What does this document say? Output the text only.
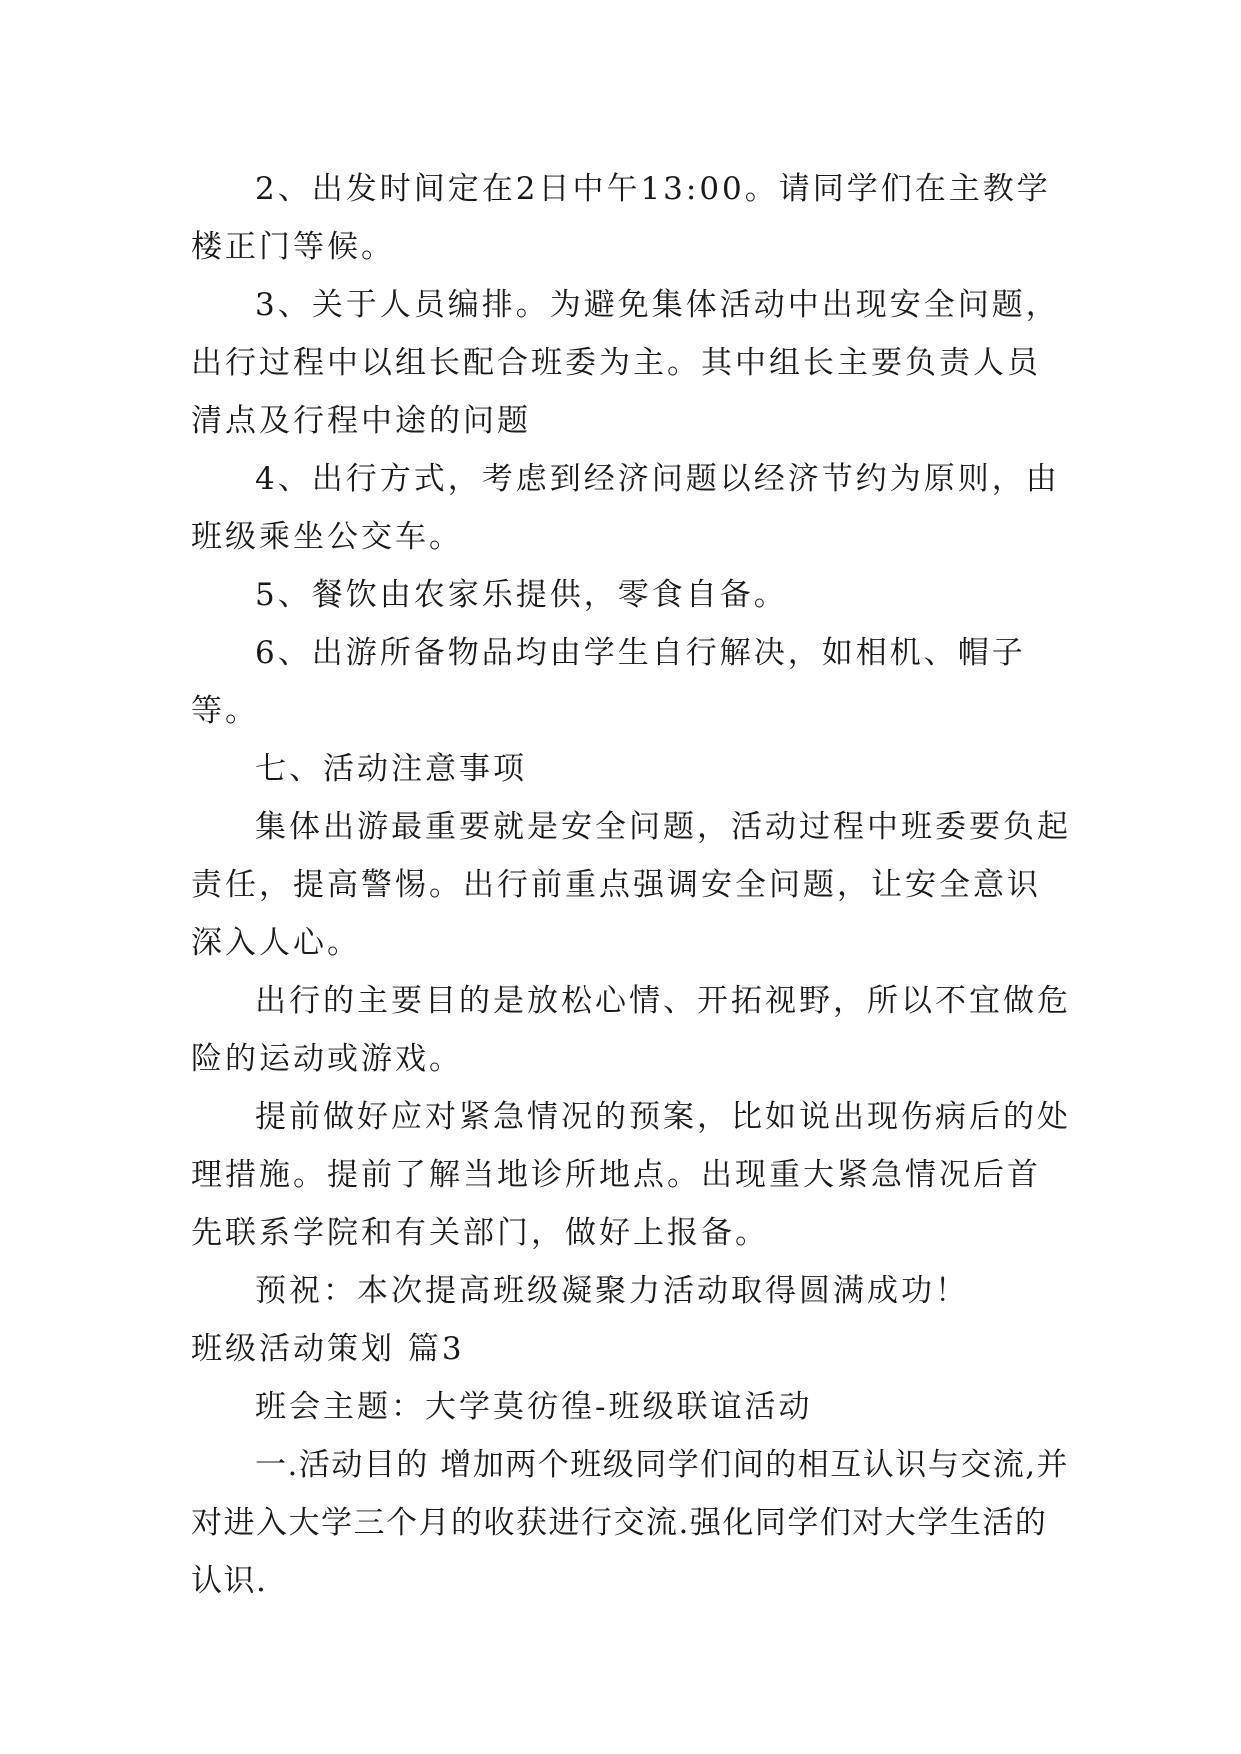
2、出发时间定在2日中午13:00。请同学们在主教学楼正门等候。

3、关于人员编排。为避免集体活动中出现安全问题，出行过程中以组长配合班委为主。其中组长主要负责人员清点及行程中途的问题

4、出行方式，考虑到经济问题以经济节约为原则，由班级乘坐公交车。

5、餐饮由农家乐提供，零食自备。

6、出游所备物品均由学生自行解决，如相机、帽子等。

七、活动注意事项

集体出游最重要就是安全问题，活动过程中班委要负起责任，提高警惕。出行前重点强调安全问题，让安全意识深入人心。

出行的主要目的是放松心情、开拓视野，所以不宜做危险的运动或游戏。

提前做好应对紧急情况的预案，比如说出现伤病后的处理措施。提前了解当地诊所地点。出现重大紧急情况后首先联系学院和有关部门，做好上报备。

预祝：本次提高班级凝聚力活动取得圆满成功！

班级活动策划 篇3

班会主题：大学莫彷徨-班级联谊活动

一.活动目的 增加两个班级同学们间的相互认识与交流,并对进入大学三个月的收获进行交流.强化同学们对大学生活的认识.
